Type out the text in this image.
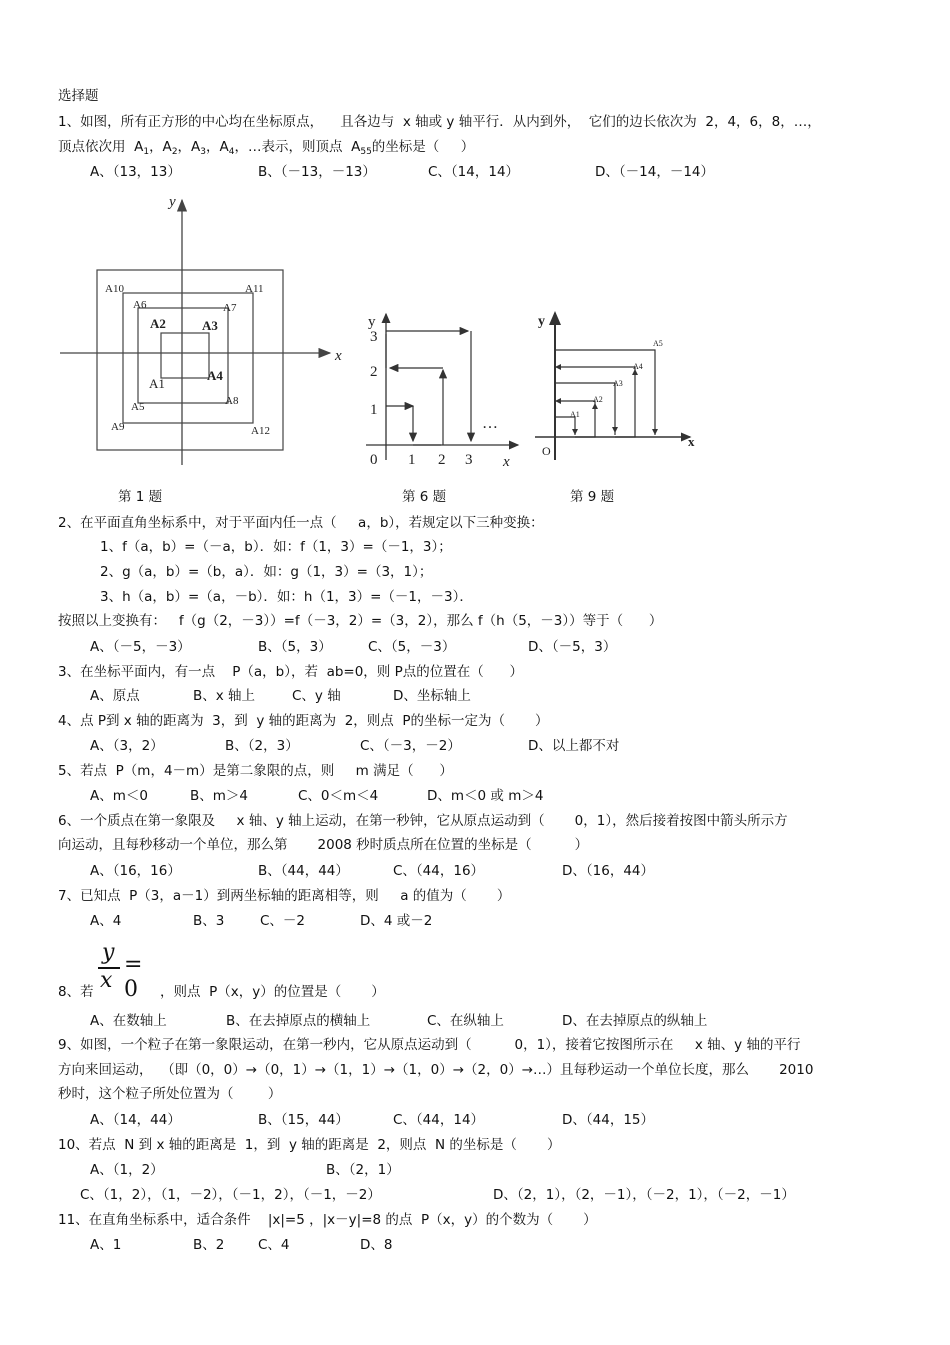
选择题
1、如图，所有正方形的中心均在坐标原点，    且各边与  x 轴或 y 轴平行．从内到外，  它们的边长依次为  2，4，6，8，…，
顶点依次用  $A_1$，$A_2$，$A_3$，$A_4$，…表示，则顶点  $A_{55}$的坐标是（     ）
A、（13，13）	B、（－13，－13）	C、（14，14）	D、（－14，－14）
x
y
A10
A6
A11
A7
A2	A3
A1
A4
A5	A8
A9	A12
y
x
0 1 2 3
1
2
3
…
y
x
O
A1
A2
A3
A4
A5
第 1 题	第 6 题	第 9 题
2、在平面直角坐标系中，对于平面内任一点（     a，b），若规定以下三种变换：
1、f（a，b）=（－a，b）．如：f（1，3）=（－1，3）；
2、g（a，b）=（b，a）．如：g（1，3）=（3，1）；
3、h（a，b）=（a，－b）．如：h（1，3）=（－1，－3）．
按照以上变换有：   f（g（2，－3））=f（－3，2）=（3，2），那么 f（h（5，－3））等于（      ）
A、（－5，－3）	B、（5，3）	C、（5，－3）	D、（－5，3）
3、在坐标平面内，有一点    P（a，b），若  ab=0，则 P点的位置在（      ）
A、原点	B、x 轴上	C、y 轴	D、坐标轴上
4、点 P到 x 轴的距离为  3，到  y 轴的距离为  2，则点  P的坐标一定为（       ）
A、（3，2）	B、（2，3）	C、（－3，－2）	D、以上都不对
5、若点  P（m，4－m）是第二象限的点，则     m 满足（      ）
A、m＜0	B、m＞4	C、0＜m＜4	D、m＜0 或 m＞4
6、一个质点在第一象限及     x 轴、y 轴上运动，在第一秒钟，它从原点运动到（       0，1），然后接着按图中箭头所示方
向运动，且每秒移动一个单位，那么第       2008 秒时质点所在位置的坐标是（          ）
A、（16，16）	B、（44，44）	C、（44，16）	D、（16，44）
7、已知点  P（3，a－1）到两坐标轴的距离相等，则     a 的值为（       ）
A、4	B、3	C、－2	D、4 或－2
y
x
= 0
8、若	，则点  P（x，y）的位置是（       ）
A、在数轴上	B、在去掉原点的横轴上	C、在纵轴上	D、在去掉原点的纵轴上
9、如图，一个粒子在第一象限运动，在第一秒内，它从原点运动到（          0，1），接着它按图所示在     x 轴、y 轴的平行
方向来回运动，  （即（0，0）→（0，1）→（1，1）→（1，0）→（2，0）→…）且每秒运动一个单位长度，那么       2010
秒时，这个粒子所处位置为（        ）
A、（14，44）	B、（15，44）	C、（44，14）	D、（44，15）
10、若点  N 到 x 轴的距离是  1，到  y 轴的距离是  2，则点  N 的坐标是（       ）
A、（1，2）	B、（2，1）
C、（1，2），（1，－2），（－1，2），（－1，－2）	D、（2，1），（2，－1），（－2，1），（－2，－1）
11、在直角坐标系中，适合条件    |x|=5 ，|x－y|=8 的点  P（x，y）的个数为（       ）
A、1	B、2 C、4	D、8
